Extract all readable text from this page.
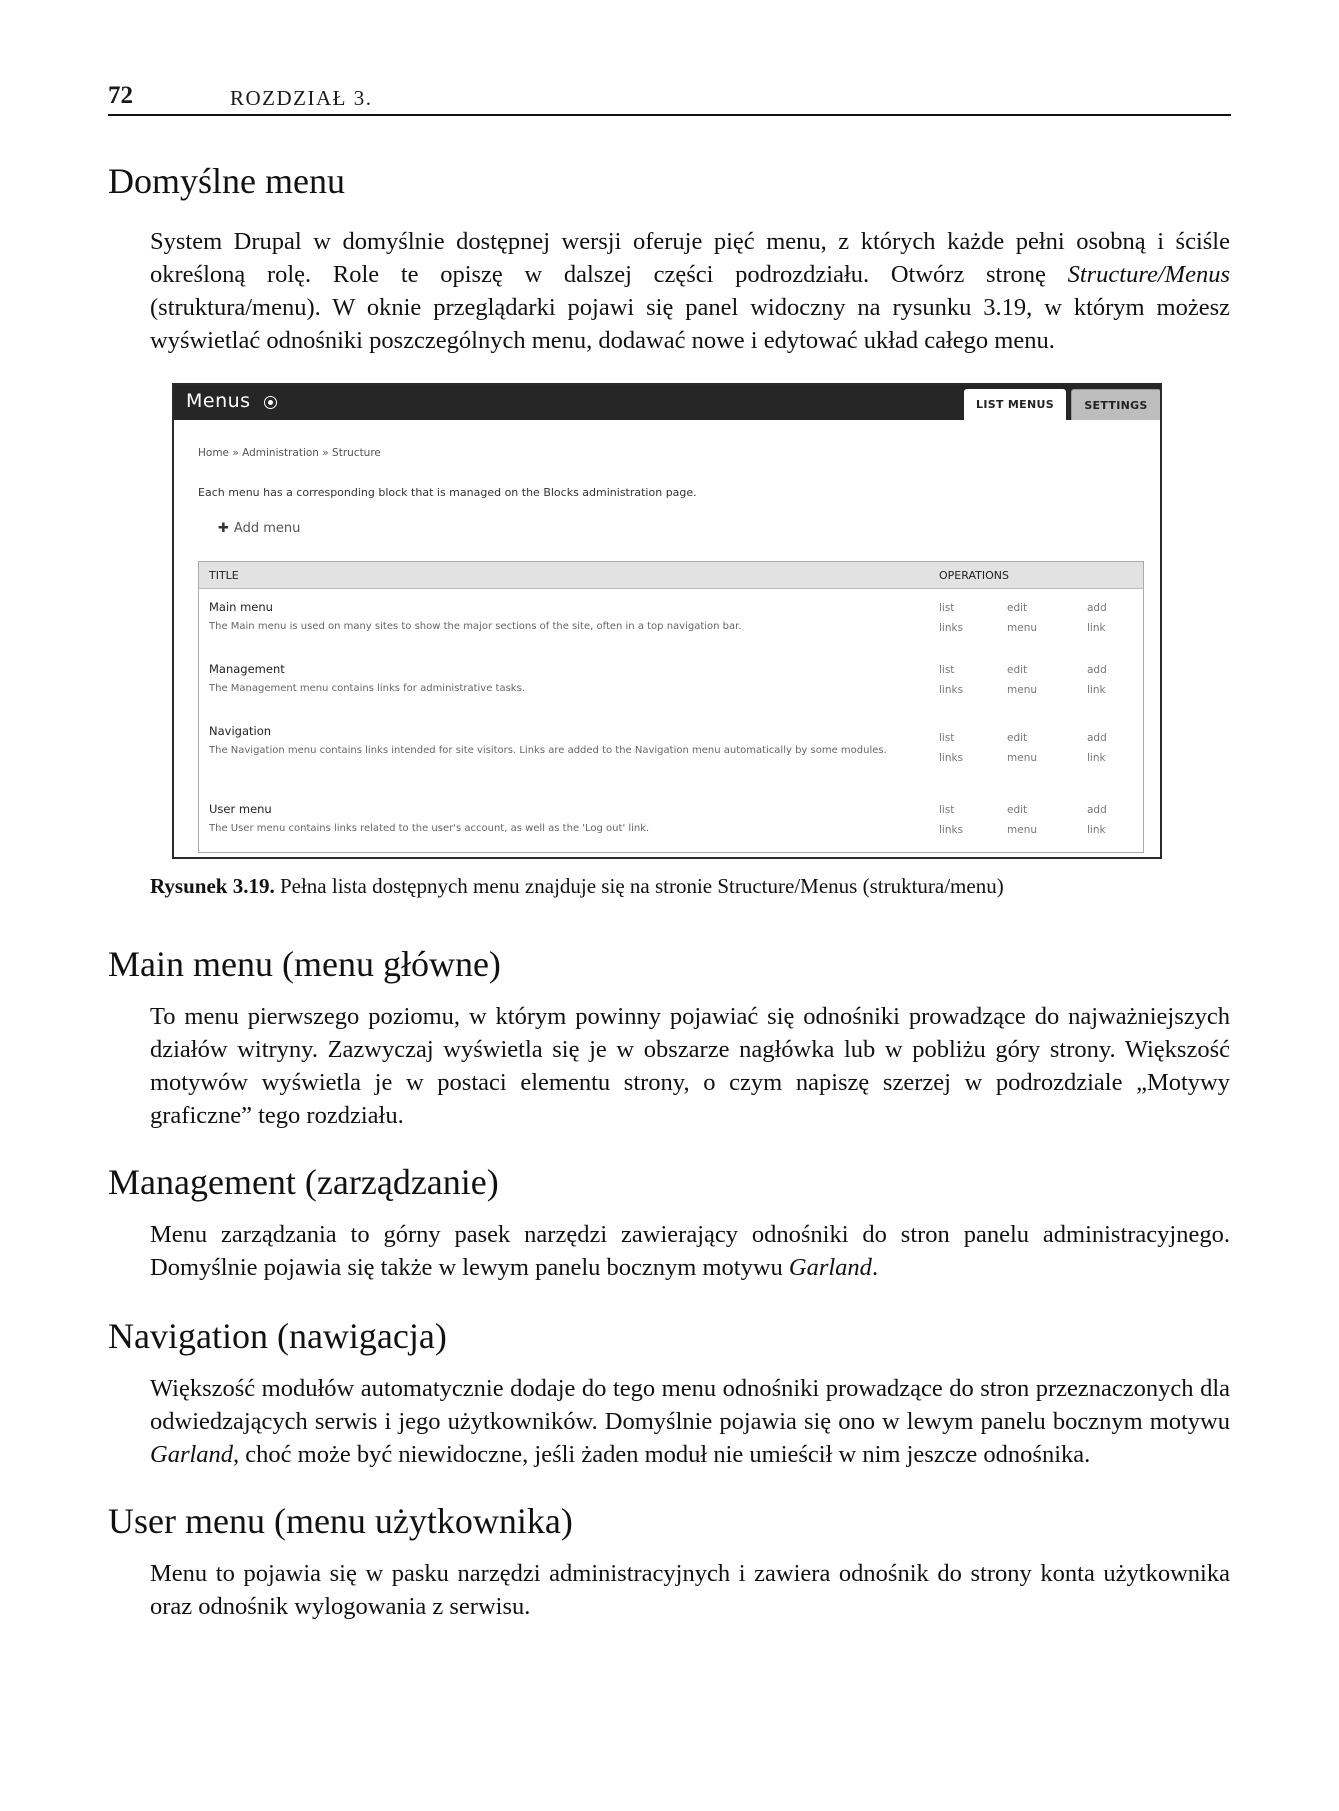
72	ROZDZIAŁ 3.
Domyślne menu

System Drupal w domyślnie dostępnej wersji oferuje pięć menu, z których każde pełni osobną i ściśle określoną rolę. Role te opiszę w dalszej części podrozdziału. Otwórz stronę Structure/Menus (struktura/menu). W oknie przeglądarki pojawi się panel widoczny na rysunku 3.19, w którym możesz wyświetlać odnośniki poszczególnych menu, dodawać nowe i edytować układ całego menu.

Menus	LIST MENUS	SETTINGS
Home » Administration » Structure
Each menu has a corresponding block that is managed on the Blocks administration page.
✚ Add menu
TITLE	OPERATIONS
Main menu
The Main menu is used on many sites to show the major sections of the site, often in a top navigation bar.
list	edit	add
links	menu	link
Management
The Management menu contains links for administrative tasks.
list	edit	add
links	menu	link
Navigation
The Navigation menu contains links intended for site visitors. Links are added to the Navigation menu automatically by some modules.
list	edit	add
links	menu	link
User menu
The User menu contains links related to the user's account, as well as the 'Log out' link.
list	edit	add
links	menu	link
Rysunek 3.19. Pełna lista dostępnych menu znajduje się na stronie Structure/Menus (struktura/menu)
Main menu (menu główne)

To menu pierwszego poziomu, w którym powinny pojawiać się odnośniki prowadzące do najważniejszych działów witryny. Zazwyczaj wyświetla się je w obszarze nagłówka lub w pobliżu góry strony. Większość motywów wyświetla je w postaci elementu strony, o czym napiszę szerzej w podrozdziale „Motywy graficzne” tego rozdziału.

Management (zarządzanie)

Menu zarządzania to górny pasek narzędzi zawierający odnośniki do stron panelu administracyjnego. Domyślnie pojawia się także w lewym panelu bocznym motywu Garland.

Navigation (nawigacja)

Większość modułów automatycznie dodaje do tego menu odnośniki prowadzące do stron przeznaczonych dla odwiedzających serwis i jego użytkowników. Domyślnie pojawia się ono w lewym panelu bocznym motywu Garland, choć może być niewidoczne, jeśli żaden moduł nie umieścił w nim jeszcze odnośnika.

User menu (menu użytkownika)

Menu to pojawia się w pasku narzędzi administracyjnych i zawiera odnośnik do strony konta użytkownika oraz odnośnik wylogowania z serwisu.
